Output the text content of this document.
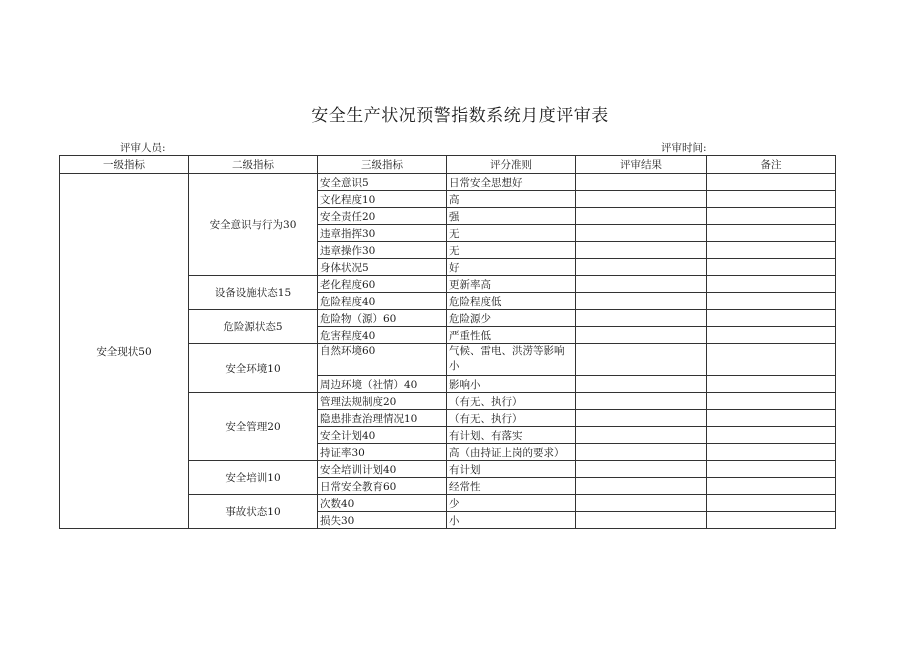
安全生产状况预警指数系统月度评审表
评审人员:	评审时间:
一级指标	二级指标	三级指标	评分准则	评审结果	备注
安全现状50	安全意识与行为30	安全意识5	日常安全思想好		
		文化程度10	高		
		安全责任20	强		
		违章指挥30	无		
		违章操作30	无		
		身体状况5	好		
	设备设施状态15	老化程度60	更新率高		
		危险程度40	危险程度低		
	危险源状态5	危险物（源）60	危险源少		
		危害程度40	严重性低		
	安全环境10	自然环境60	气候、雷电、洪涝等影响小		
		周边环境（社情）40	影响小		
	安全管理20	管理法规制度20	（有无、执行）		
		隐患排查治理情况10	（有无、执行）		
		安全计划40	有计划、有落实		
		持证率30	高（由持证上岗的要求）		
	安全培训10	安全培训计划40	有计划		
		日常安全教育60	经常性		
	事故状态10	次数40	少		
		损失30	小		
